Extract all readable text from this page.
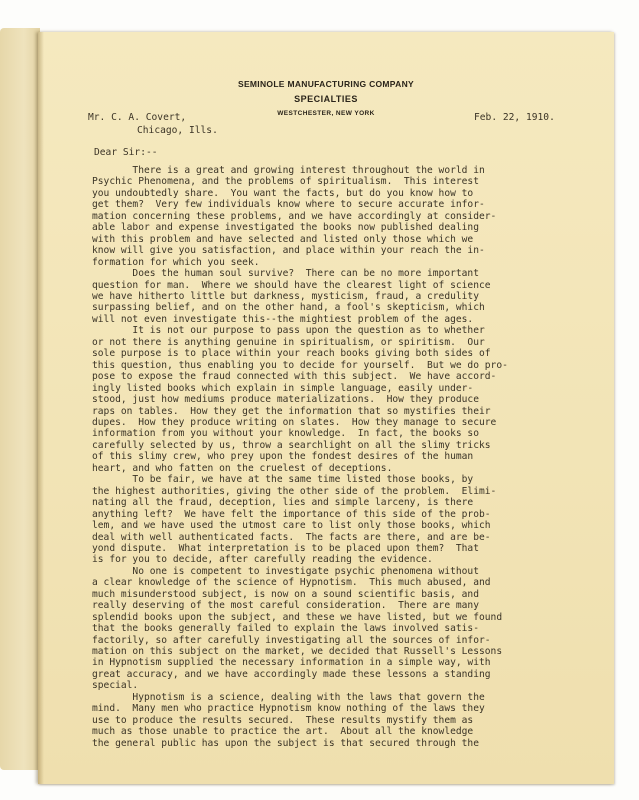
SEMINOLE MANUFACTURING COMPANY
SPECIALTIES
WESTCHESTER, NEW YORK
Mr. C. A. Covert,
Chicago, Ills.
Feb. 22, 1910.
Dear Sir:--
There is a great and growing interest throughout the world in
Psychic Phenomena, and the problems of spiritualism.  This interest
you undoubtedly share.  You want the facts, but do you know how to
get them?  Very few individuals know where to secure accurate infor-
mation concerning these problems, and we have accordingly at consider-
able labor and expense investigated the books now published dealing
with this problem and have selected and listed only those which we
know will give you satisfaction, and place within your reach the in-
formation for which you seek.
Does the human soul survive?  There can be no more important
question for man.  Where we should have the clearest light of science
we have hitherto little but darkness, mysticism, fraud, a credulity
surpassing belief, and on the other hand, a fool's skepticism, which
will not even investigate this--the mightiest problem of the ages.
It is not our purpose to pass upon the question as to whether
or not there is anything genuine in spiritualism, or spiritism.  Our
sole purpose is to place within your reach books giving both sides of
this question, thus enabling you to decide for yourself.  But we do pro-
pose to expose the fraud connected with this subject.  We have accord-
ingly listed books which explain in simple language, easily under-
stood, just how mediums produce materializations.  How they produce
raps on tables.  How they get the information that so mystifies their
dupes.  How they produce writing on slates.  How they manage to secure
information from you without your knowledge.  In fact, the books so
carefully selected by us, throw a searchlight on all the slimy tricks
of this slimy crew, who prey upon the fondest desires of the human
heart, and who fatten on the cruelest of deceptions.
To be fair, we have at the same time listed those books, by
the highest authorities, giving the other side of the problem.  Elimi-
nating all the fraud, deception, lies and simple larceny, is there
anything left?  We have felt the importance of this side of the prob-
lem, and we have used the utmost care to list only those books, which
deal with well authenticated facts.  The facts are there, and are be-
yond dispute.  What interpretation is to be placed upon them?  That
is for you to decide, after carefully reading the evidence.
No one is competent to investigate psychic phenomena without
a clear knowledge of the science of Hypnotism.  This much abused, and
much misunderstood subject, is now on a sound scientific basis, and
really deserving of the most careful consideration.  There are many
splendid books upon the subject, and these we have listed, but we found
that the books generally failed to explain the laws involved satis-
factorily, so after carefully investigating all the sources of infor-
mation on this subject on the market, we decided that Russell's Lessons
in Hypnotism supplied the necessary information in a simple way, with
great accuracy, and we have accordingly made these lessons a standing
special.
Hypnotism is a science, dealing with the laws that govern the
mind.  Many men who practice Hypnotism know nothing of the laws they
use to produce the results secured.  These results mystify them as
much as those unable to practice the art.  About all the knowledge
the general public has upon the subject is that secured through the
